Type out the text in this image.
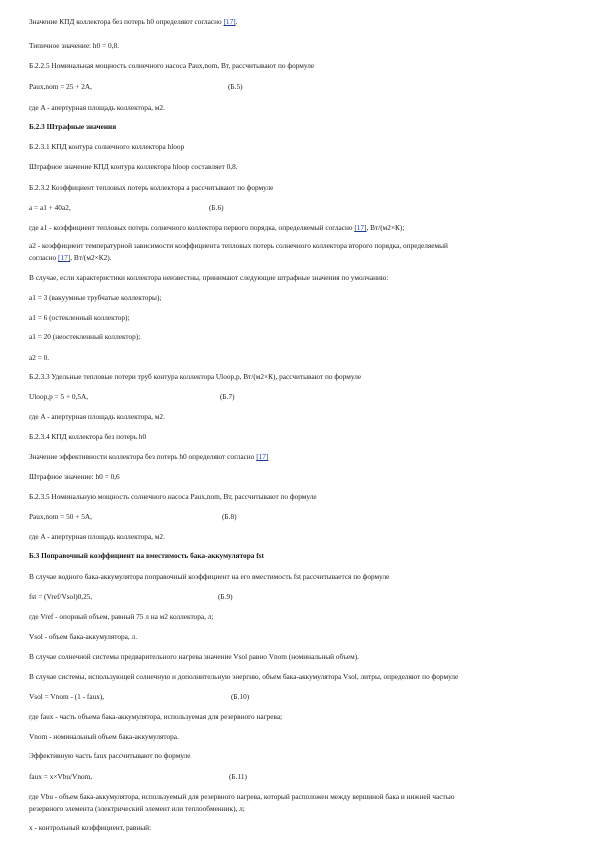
Значение КПД коллектора без потерь h0 определяют согласно [17].
Типичное значение: h0 = 0,8.
Б.2.2.5 Номинальная мощность солнечного насоса Paux,nom, Вт, рассчитывают по формуле
Paux,nom = 25 + 2A,	(Б.5)
где A - апертурная площадь коллектора, м2.
Б.2.3 Штрафные значения
Б.2.3.1 КПД контура солнечного коллектора hloop
Штрафное значение КПД контура коллектора hloop составляет 0,8.
Б.2.3.2 Коэффициент тепловых потерь коллектора a рассчитывают по формуле
a = a1 + 40a2,	(Б.6)
где a1 - коэффициент тепловых потерь солнечного коллектора первого порядка, определяемый согласно [17], Вт/(м2×К);
a2 - коэффициент температурной зависимости коэффициента тепловых потерь солнечного коллектора второго порядка, определяемый
согласно [17], Вт/(м2×К2).
В случае, если характеристики коллектора неизвестны, принимают следующие штрафные значения по умолчанию:
a1 = 3 (вакуумные трубчатые коллекторы);
a1 = 6 (остекленный коллектор);
a1 = 20 (неостекленный коллектор);
a2 = 0.
Б.2.3.3 Удельные тепловые потери труб контура коллектора Uloop,p, Вт/(м2×К), рассчитывают по формуле
Uloop,p = 5 + 0,5A,	(Б.7)
где A - апертурная площадь коллектора, м2.
Б.2.3.4 КПД коллектора без потерь h0
Значение эффективности коллектора без потерь h0 определяют согласно [17]
Штрафное значение: h0 = 0,6
Б.2.3.5 Номинальную мощность солнечного насоса Paux,nom, Вт, рассчитывают по формуле
Paux,nom = 50 + 5A,	(Б.8)
где A - апертурная площадь коллектора, м2.
Б.3 Поправочный коэффициент на вместимость бака-аккумулятора fst
В случае водного бака-аккумулятора поправочный коэффициент на его вместимость fst рассчитывается по формуле
fst = (Vref/Vsol)0,25,	(Б.9)
где Vref - опорный объем, равный 75 л на м2 коллектора, л;
Vsol - объем бака-аккумулятора, л.
В случае солнечной системы предварительного нагрева значение Vsol равно Vnom (номинальный объем).
В случае системы, использующей солнечную и дополнительную энергию, объем бака-аккумулятора Vsol, литры, определяют по формуле
Vsol = Vnom - (1 - faux),	(Б.10)
где faux - часть объема бака-аккумулятора, используемая для резервного нагрева;
Vnom - номинальный объем бака-аккумулятора.
Эффективную часть faux рассчитывают по формуле
faux = x×Vbu/Vnom,	(Б.11)
где Vbu - объем бака-аккумулятора, используемый для резервного нагрева, который расположен между вершиной бака и нижней частью
резервного элемента (электрический элемент или теплообменник), л;
x - контрольный коэффициент, равный:
